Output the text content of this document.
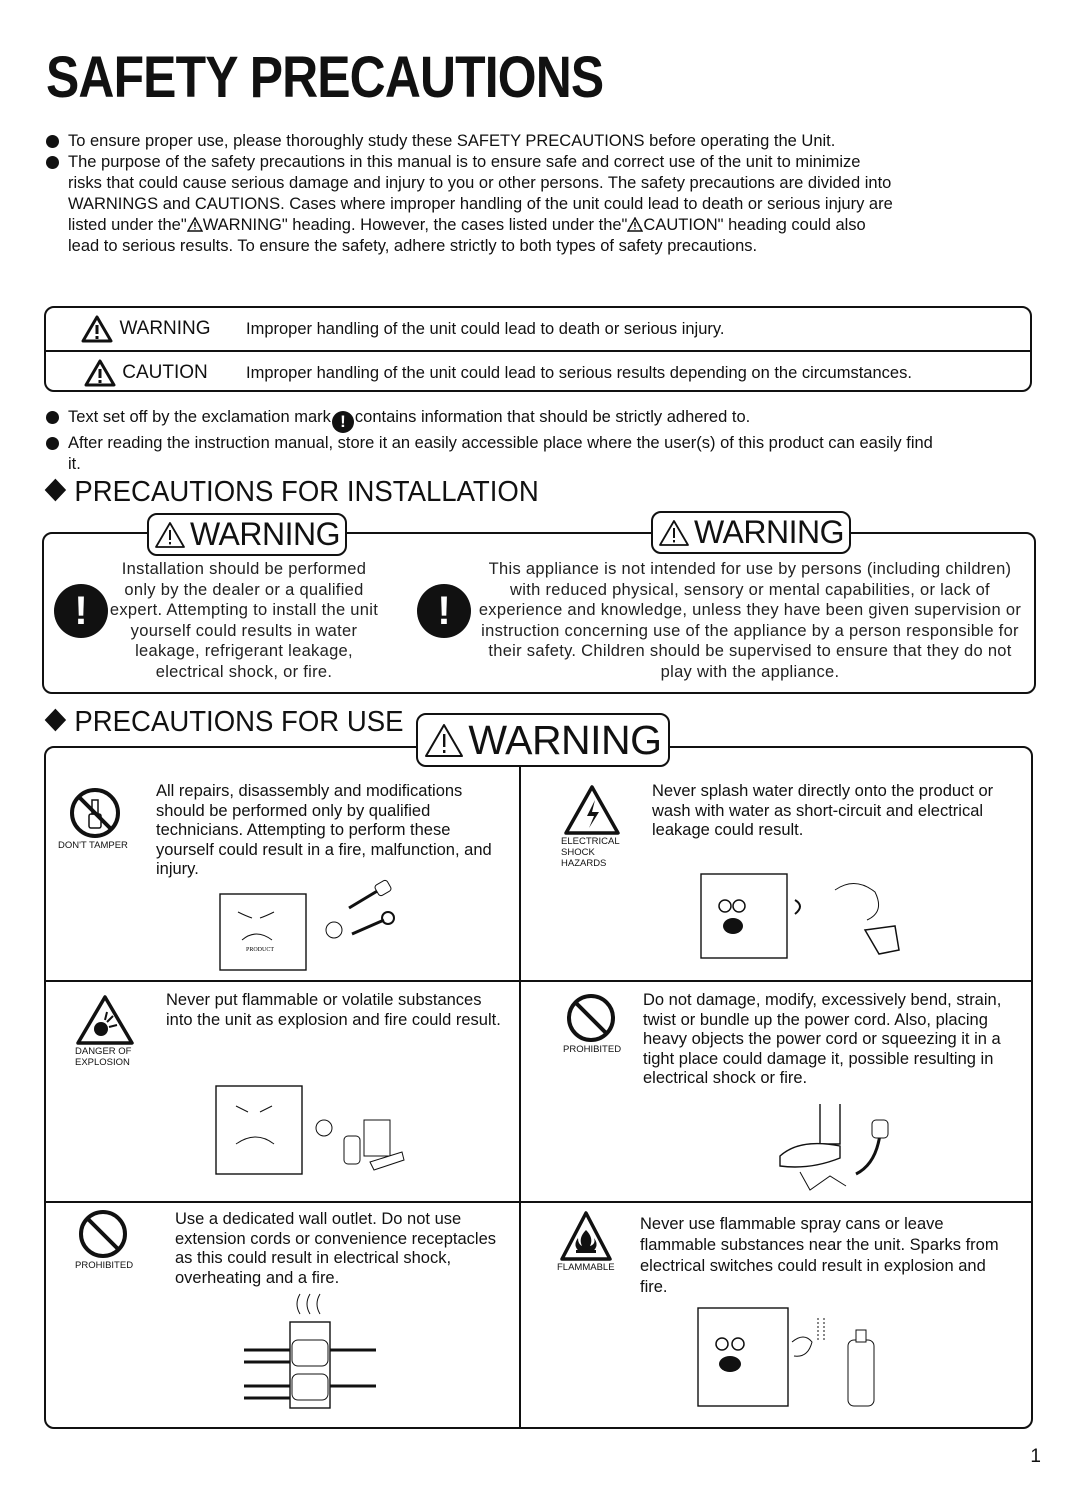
SAFETY PRECAUTIONS
To ensure proper use, please thoroughly study these SAFETY PRECAUTIONS before operating the Unit.
The purpose of the safety precautions in this manual is to ensure safe and correct use of the unit to minimize risks that could cause serious damage and injury to you or other persons. The safety precautions are divided into WARNINGS and CAUTIONS. Cases where improper handling of the unit could lead to death or serious injury are listed under the" WARNING" heading. However, the cases listed under the" CAUTION" heading could also lead to serious results. To ensure the safety, adhere strictly to both types of safety precautions.
WARNING Improper handling of the unit could lead to death or serious injury.
CAUTION Improper handling of the unit could lead to serious results depending on the circumstances.
Text set off by the exclamation mark ! contains information that should be strictly adhered to.
After reading the instruction manual, store it an easily accessible place where the user(s) of this product can easily find it.
PRECAUTIONS FOR INSTALLATION
WARNING	WARNING
!
Installation should be performed only by the dealer or a qualified expert. Attempting to install the unit yourself could results in water leakage, refrigerant leakage, electrical shock, or fire.
!
This appliance is not intended for use by persons (including children) with reduced physical, sensory or mental capabilities, or lack of experience and knowledge, unless they have been given supervision or instruction concerning use of the appliance by a person responsible for their safety. Children should be supervised to ensure that they do not play with the appliance.
PRECAUTIONS FOR USE WARNING
DON'T TAMPER
All repairs, disassembly and modifications should be performed only by qualified technicians. Attempting to perform these yourself could result in a fire, malfunction, and injury.
PRODUCT
ELECTRICAL SHOCK HAZARDS
Never splash water directly onto the product or wash with water as short-circuit and electrical leakage could result.
DANGER OF EXPLOSION
Never put flammable or volatile substances into the unit as explosion and fire could result.
PROHIBITED
Do not damage, modify, excessively bend, strain, twist or bundle up the power cord. Also, placing heavy objects the power cord or squeezing it in a tight place could damage it, possible resulting in electrical shock or fire.
PROHIBITED
Use a dedicated wall outlet. Do not use extension cords or convenience receptacles as this could result in electrical shock, overheating and a fire.
FLAMMABLE
Never use flammable spray cans or leave flammable substances near the unit. Sparks from electrical switches could result in explosion and fire.
1
